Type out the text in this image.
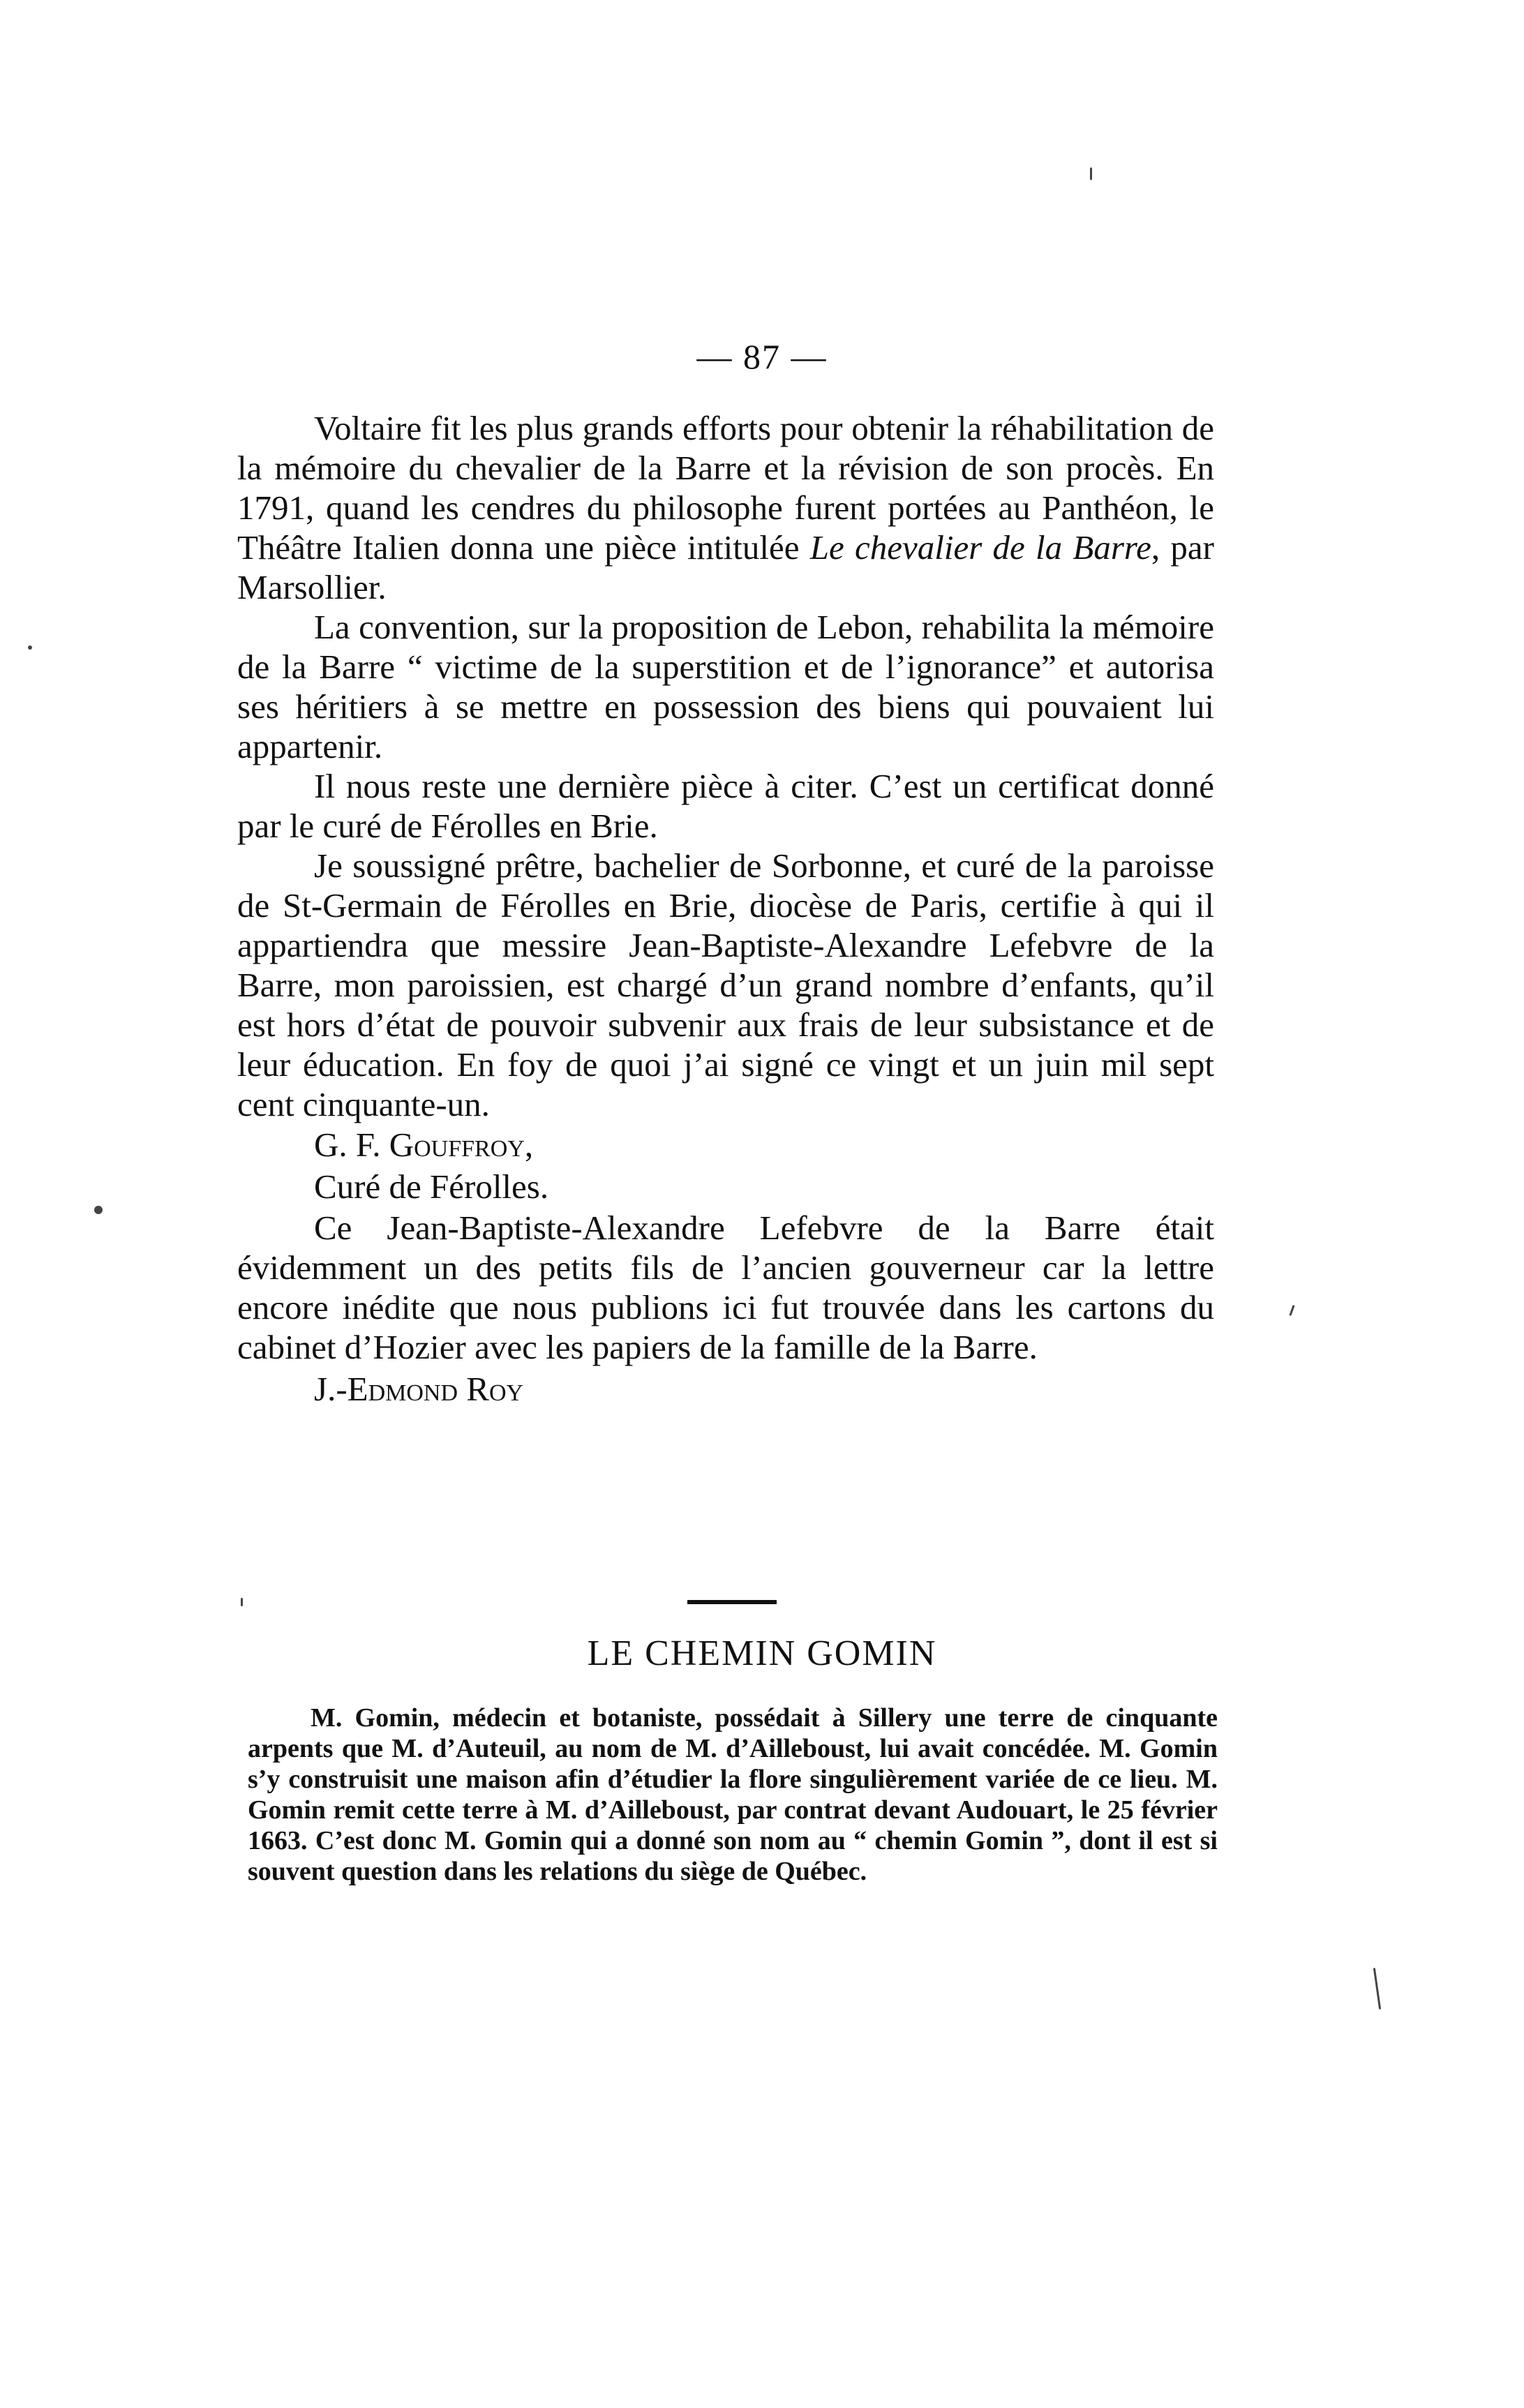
— 87 —

Voltaire fit les plus grands efforts pour obtenir la réhabilitation de la mémoire du chevalier de la Barre et la révision de son procès. En 1791, quand les cendres du philosophe furent portées au Panthéon, le Théâtre Italien donna une pièce intitulée Le chevalier de la Barre, par Marsollier.

La convention, sur la proposition de Lebon, rehabilita la mémoire de la Barre “ victime de la superstition et de l’ignorance” et autorisa ses héritiers à se mettre en possession des biens qui pouvaient lui appartenir.

Il nous reste une dernière pièce à citer. C’est un certificat donné par le curé de Férolles en Brie.

Je soussigné prêtre, bachelier de Sorbonne, et curé de la paroisse de St-Germain de Férolles en Brie, diocèse de Paris, certifie à qui il appartiendra que messire Jean-Baptiste-Alexandre Lefebvre de la Barre, mon paroissien, est chargé d’un grand nombre d’enfants, qu’il est hors d’état de pouvoir subvenir aux frais de leur subsistance et de leur éducation. En foy de quoi j’ai signé ce vingt et un juin mil sept cent cinquante-un.

G. F. Gouffroy,

Curé de Férolles.

Ce Jean-Baptiste-Alexandre Lefebvre de la Barre était évidemment un des petits fils de l’ancien gouverneur car la lettre encore inédite que nous publions ici fut trouvée dans les cartons du cabinet d’Hozier avec les papiers de la famille de la Barre.

J.-Edmond Roy

LE CHEMIN GOMIN

M. Gomin, médecin et botaniste, possédait à Sillery une terre de cinquante arpents que M. d’Auteuil, au nom de M. d’Ailleboust, lui avait concédée. M. Gomin s’y construisit une maison afin d’étudier la flore singulièrement variée de ce lieu. M. Gomin remit cette terre à M. d’Ailleboust, par contrat devant Audouart, le 25 février 1663. C’est donc M. Gomin qui a donné son nom au “ chemin Gomin ”, dont il est si souvent question dans les relations du siège de Québec.
